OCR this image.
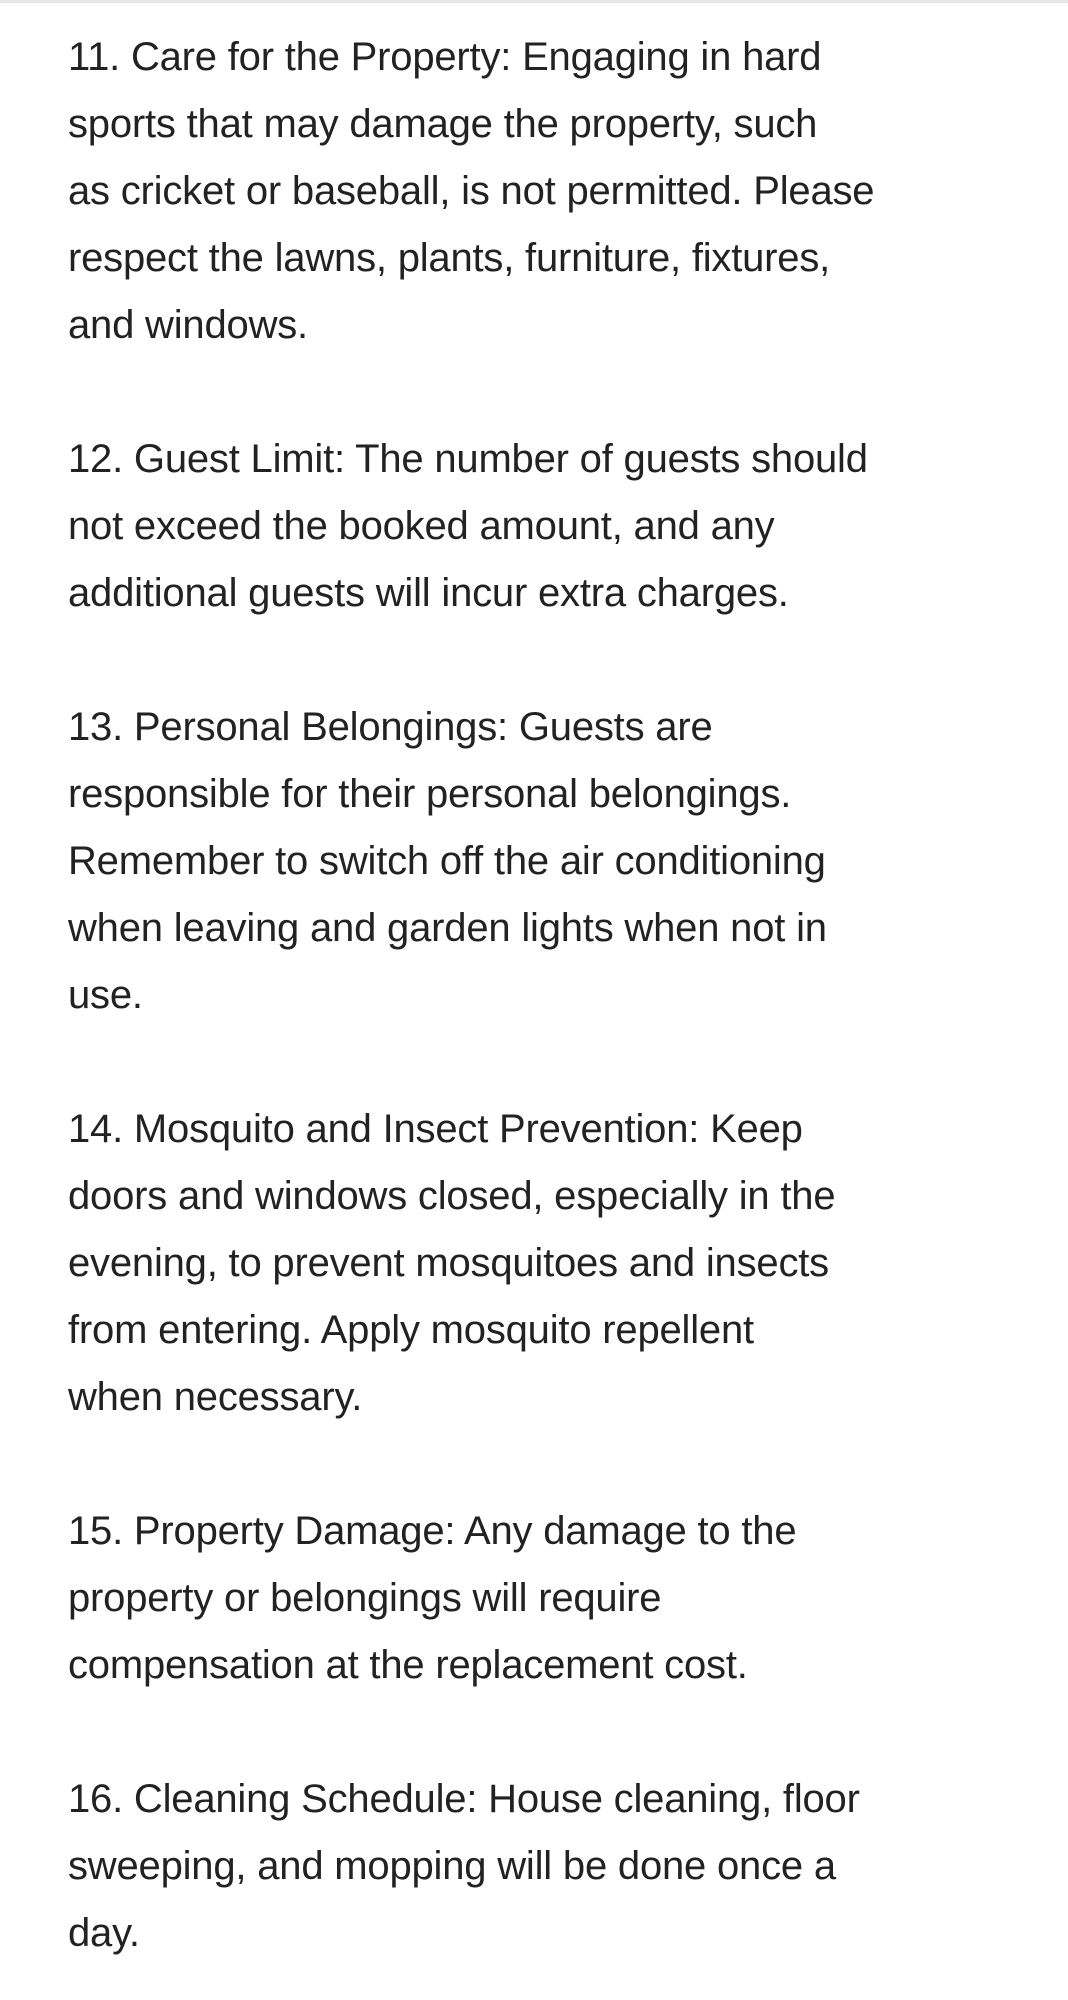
11. Care for the Property: Engaging in hard
sports that may damage the property, such
as cricket or baseball, is not permitted. Please
respect the lawns, plants, furniture, fixtures,
and windows.
12. Guest Limit: The number of guests should
not exceed the booked amount, and any
additional guests will incur extra charges.
13. Personal Belongings: Guests are
responsible for their personal belongings.
Remember to switch off the air conditioning
when leaving and garden lights when not in
use.
14. Mosquito and Insect Prevention: Keep
doors and windows closed, especially in the
evening, to prevent mosquitoes and insects
from entering. Apply mosquito repellent
when necessary.
15. Property Damage: Any damage to the
property or belongings will require
compensation at the replacement cost.
16. Cleaning Schedule: House cleaning, floor
sweeping, and mopping will be done once a
day.
